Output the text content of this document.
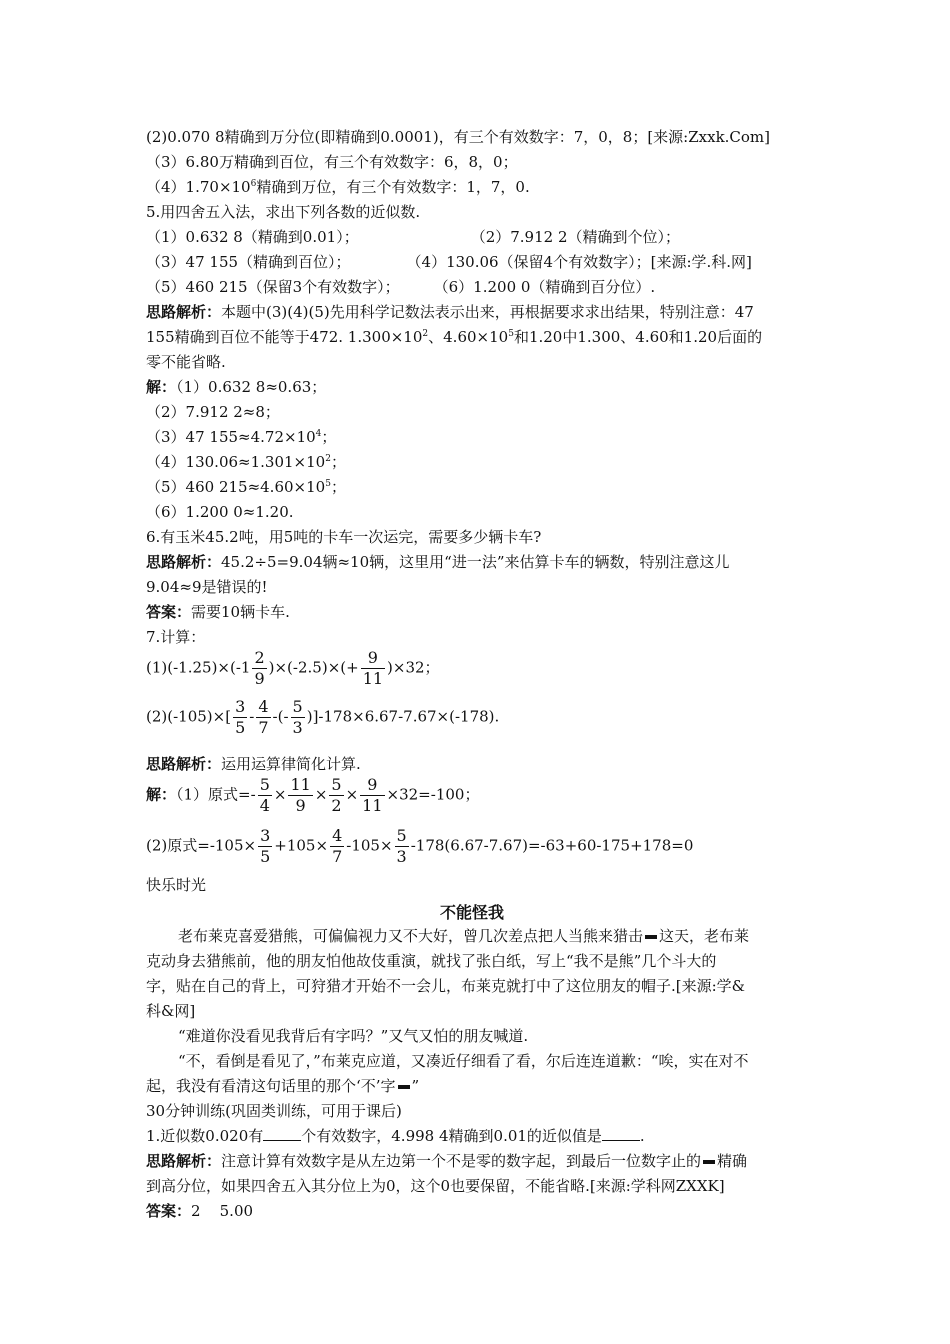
(2)0.070 8精确到万分位(即精确到0.0001)，有三个有效数字：7，0，8；[来源:Zxxk.Com]
（3）6.80万精确到百位，有三个有效数字：6，8，0；
$(4)1.70\times 10^6$精确到万位，有三个有效数字：1，7，0.
5.用四舍五入法，求出下列各数的近似数.
（1）0.632 8（精确到0.01）；	（2）7.912 2（精确到个位）；
（3）47 155（精确到百位）；	（4）130.06（保留4个有效数字）；[来源:学.科.网]
（5）460 215（保留3个有效数字）； （6）1.200 0（精确到百分位）.
思路解析：本题中(3)(4)(5)先用科学记数法表示出来，再根据要求求出结果，特别注意：47
155精确到百位不能等于472. $1.300\times 10^2$、$4.60\times 10^5$和1.20中1.300、4.60和1.20后面的
零不能省略.
解：（1）0.632 8≈0.63；
（2）7.912 2≈8；
（3）47 $155\approx 4.72\times 10^4$；
$(4)130.06\approx 1.301\times 10^2$；
（5）460 $215\approx 4.60\times 10^5$；
（6）1.200 0≈1.20.
6.有玉米45.2吨，用5吨的卡车一次运完，需要多少辆卡车?
思路解析：45.2÷5=9.04辆≈10辆，这里用“进一法”来估算卡车的辆数，特别注意这儿
9.04≈9是错误的!
答案：需要10辆卡车.
7.计算：
$(1)(-1.25)\times(-1 \frac{2}{9} )\times(-2.5)\times(+ \frac{9}{11} )\times 32$；
$(2)(-105)\times[ \frac{3}{5} - \frac{4}{7}$ -(- $\frac{5}{3} )]-178\times 6.67-7.67\times(-178)$.
思路解析：运用运算律简化计算.
解：（1）原式=- $\frac{5}{4} \times \frac{11}{9} \times \frac{5}{2} \times \frac{9}{11} \times 32=-100$；
(2)原式$=-105\times \frac{3}{5} +105\times \frac{4}{7} -105\times \frac{5}{3} -178(6.67-7.67)=-63+60-175+178=0$
快乐时光
不能怪我
老布莱克喜爱猎熊，可偏偏视力又不大好，曾几次差点把人当熊来猎击 这天，老布莱
克动身去猎熊前，他的朋友怕他故伎重演，就找了张白纸，写上“我不是熊”几个斗大的
字，贴在自己的背上，可狩猎才开始不一会儿，布莱克就打中了这位朋友的帽子.[来源:学&
科&网]
“难道你没看见我背后有字吗？”又气又怕的朋友喊道.
“不，看倒是看见了，”布莱克应道，又凑近仔细看了看，尔后连连道歉：“唉，实在对不
起，我没有看清这句话里的那个‘不’字 ”
30分钟训练(巩固类训练，可用于课后)
1.近似数0.020有	个有效数字，4.998 4精确到0.01的近似值是	.
思路解析：注意计算有效数字是从左边第一个不是零的数字起，到最后一位数字止的 精确
到高分位，如果四舍五入其分位上为0，这个0也要保留，不能省略.[来源:学科网ZXXK]
答案：2    5.00
